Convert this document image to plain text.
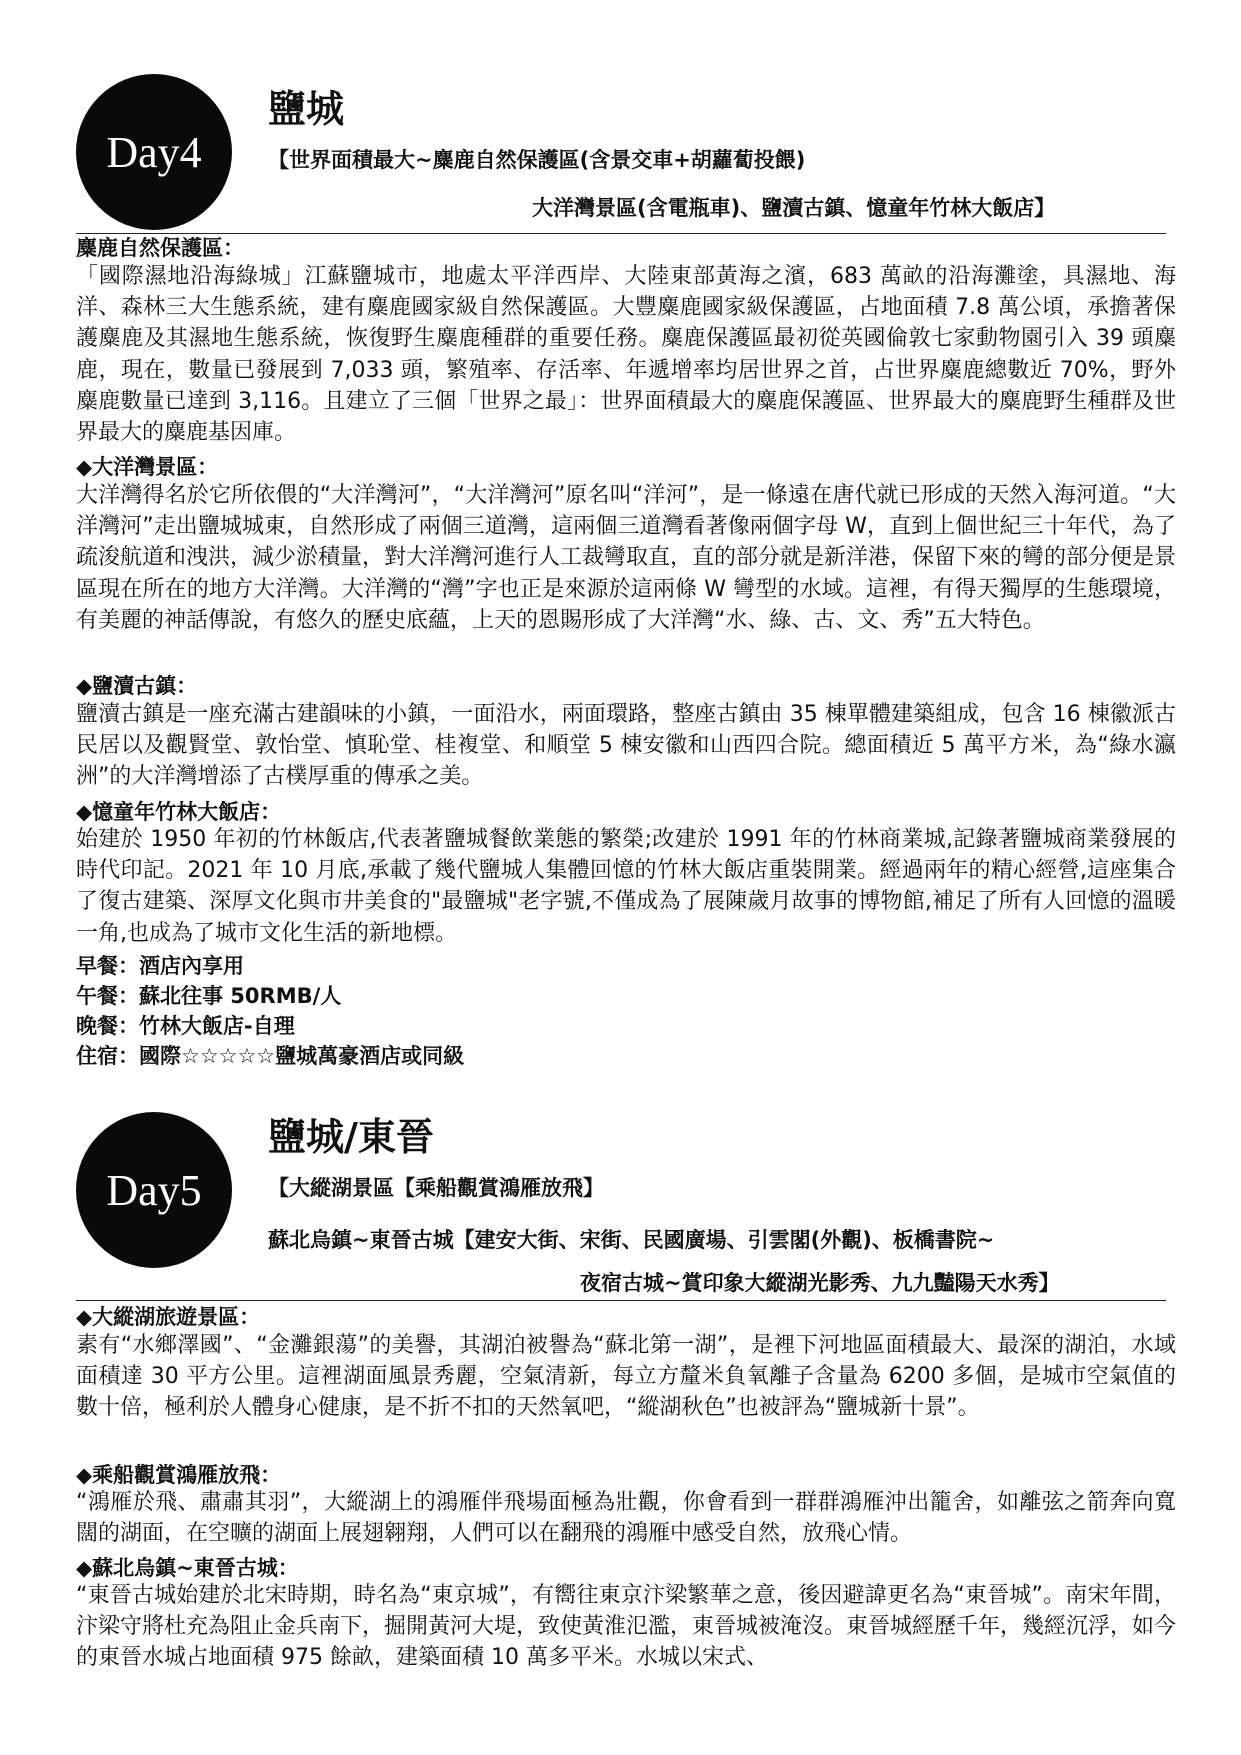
Day4
鹽城
【世界面積最大~麋鹿自然保護區(含景交車+胡蘿蔔投餵)
大洋灣景區(含電瓶車)、鹽瀆古鎮、憶童年竹林大飯店】
麋鹿自然保護區：

「國際濕地沿海綠城」江蘇鹽城市，地處太平洋西岸、大陸東部黃海之濱，683 萬畝的沿海灘塗，具濕地、海洋、森林三大生態系統，建有麋鹿國家級自然保護區。大豐麋鹿國家級保護區，占地面積 7.8 萬公頃，承擔著保護麋鹿及其濕地生態系統，恢復野生麋鹿種群的重要任務。麋鹿保護區最初從英國倫敦七家動物園引入 39 頭麋鹿，現在，數量已發展到 7,033 頭，繁殖率、存活率、年遞增率均居世界之首，占世界麋鹿總數近 70%，野外麋鹿數量已達到 3,116。且建立了三個「世界之最」：世界面積最大的麋鹿保護區、世界最大的麋鹿野生種群及世界最大的麋鹿基因庫。

◆大洋灣景區：

大洋灣得名於它所依偎的“大洋灣河”，“大洋灣河”原名叫“洋河”，是一條遠在唐代就已形成的天然入海河道。“大洋灣河”走出鹽城城東，自然形成了兩個三道灣，這兩個三道灣看著像兩個字母 W，直到上個世紀三十年代，為了疏浚航道和洩洪，減少淤積量，對大洋灣河進行人工裁彎取直，直的部分就是新洋港，保留下來的彎的部分便是景區現在所在的地方大洋灣。大洋灣的“灣”字也正是來源於這兩條 W 彎型的水域。這裡，有得天獨厚的生態環境，有美麗的神話傳說，有悠久的歷史底蘊，上天的恩賜形成了大洋灣“水、綠、古、文、秀”五大特色。

◆鹽瀆古鎮：

鹽瀆古鎮是一座充滿古建韻味的小鎮，一面沿水，兩面環路，整座古鎮由 35 棟單體建築組成，包含 16 棟徽派古民居以及觀賢堂、敦怡堂、慎恥堂、桂複堂、和順堂 5 棟安徽和山西四合院。總面積近 5 萬平方米，為“綠水瀛洲”的大洋灣增添了古樸厚重的傳承之美。

◆憶童年竹林大飯店：

始建於 1950 年初的竹林飯店,代表著鹽城餐飲業態的繁榮;改建於 1991 年的竹林商業城,記錄著鹽城商業發展的時代印記。2021 年 10 月底,承載了幾代鹽城人集體回憶的竹林大飯店重裝開業。經過兩年的精心經營,這座集合了復古建築、深厚文化與市井美食的"最鹽城"老字號,不僅成為了展陳歲月故事的博物館,補足了所有人回憶的溫暖一角,也成為了城市文化生活的新地標。

早餐：酒店內享用
午餐：蘇北往事 50RMB/人
晚餐：竹林大飯店-自理
住宿：國際☆☆☆☆☆鹽城萬豪酒店或同級
Day5
鹽城/東晉
【大縱湖景區【乘船觀賞鴻雁放飛】
蘇北烏鎮~東晉古城【建安大街、宋街、民國廣場、引雲閣(外觀)、板橋書院~
夜宿古城~賞印象大縱湖光影秀、九九豔陽天水秀】
◆大縱湖旅遊景區：

素有“水鄉澤國”、“金灘銀蕩”的美譽，其湖泊被譽為“蘇北第一湖”，是裡下河地區面積最大、最深的湖泊，水域面積達 30 平方公里。這裡湖面風景秀麗，空氣清新，每立方釐米負氧離子含量為 6200 多個，是城市空氣值的數十倍，極利於人體身心健康，是不折不扣的天然氧吧，“縱湖秋色”也被評為“鹽城新十景”。

◆乘船觀賞鴻雁放飛：

“鴻雁於飛、肅肅其羽”，大縱湖上的鴻雁伴飛場面極為壯觀，你會看到一群群鴻雁沖出籠舍，如離弦之箭奔向寬闊的湖面，在空曠的湖面上展翅翱翔，人們可以在翻飛的鴻雁中感受自然，放飛心情。

◆蘇北烏鎮~東晉古城：

“東晉古城始建於北宋時期，時名為“東京城”，有嚮往東京汴梁繁華之意，後因避諱更名為“東晉城”。南宋年間，汴梁守將杜充為阻止金兵南下，掘開黃河大堤，致使黃淮氾濫，東晉城被淹沒。東晉城經歷千年，幾經沉浮，如今的東晉水城占地面積 975 餘畝，建築面積 10 萬多平米。水城以宋式、
